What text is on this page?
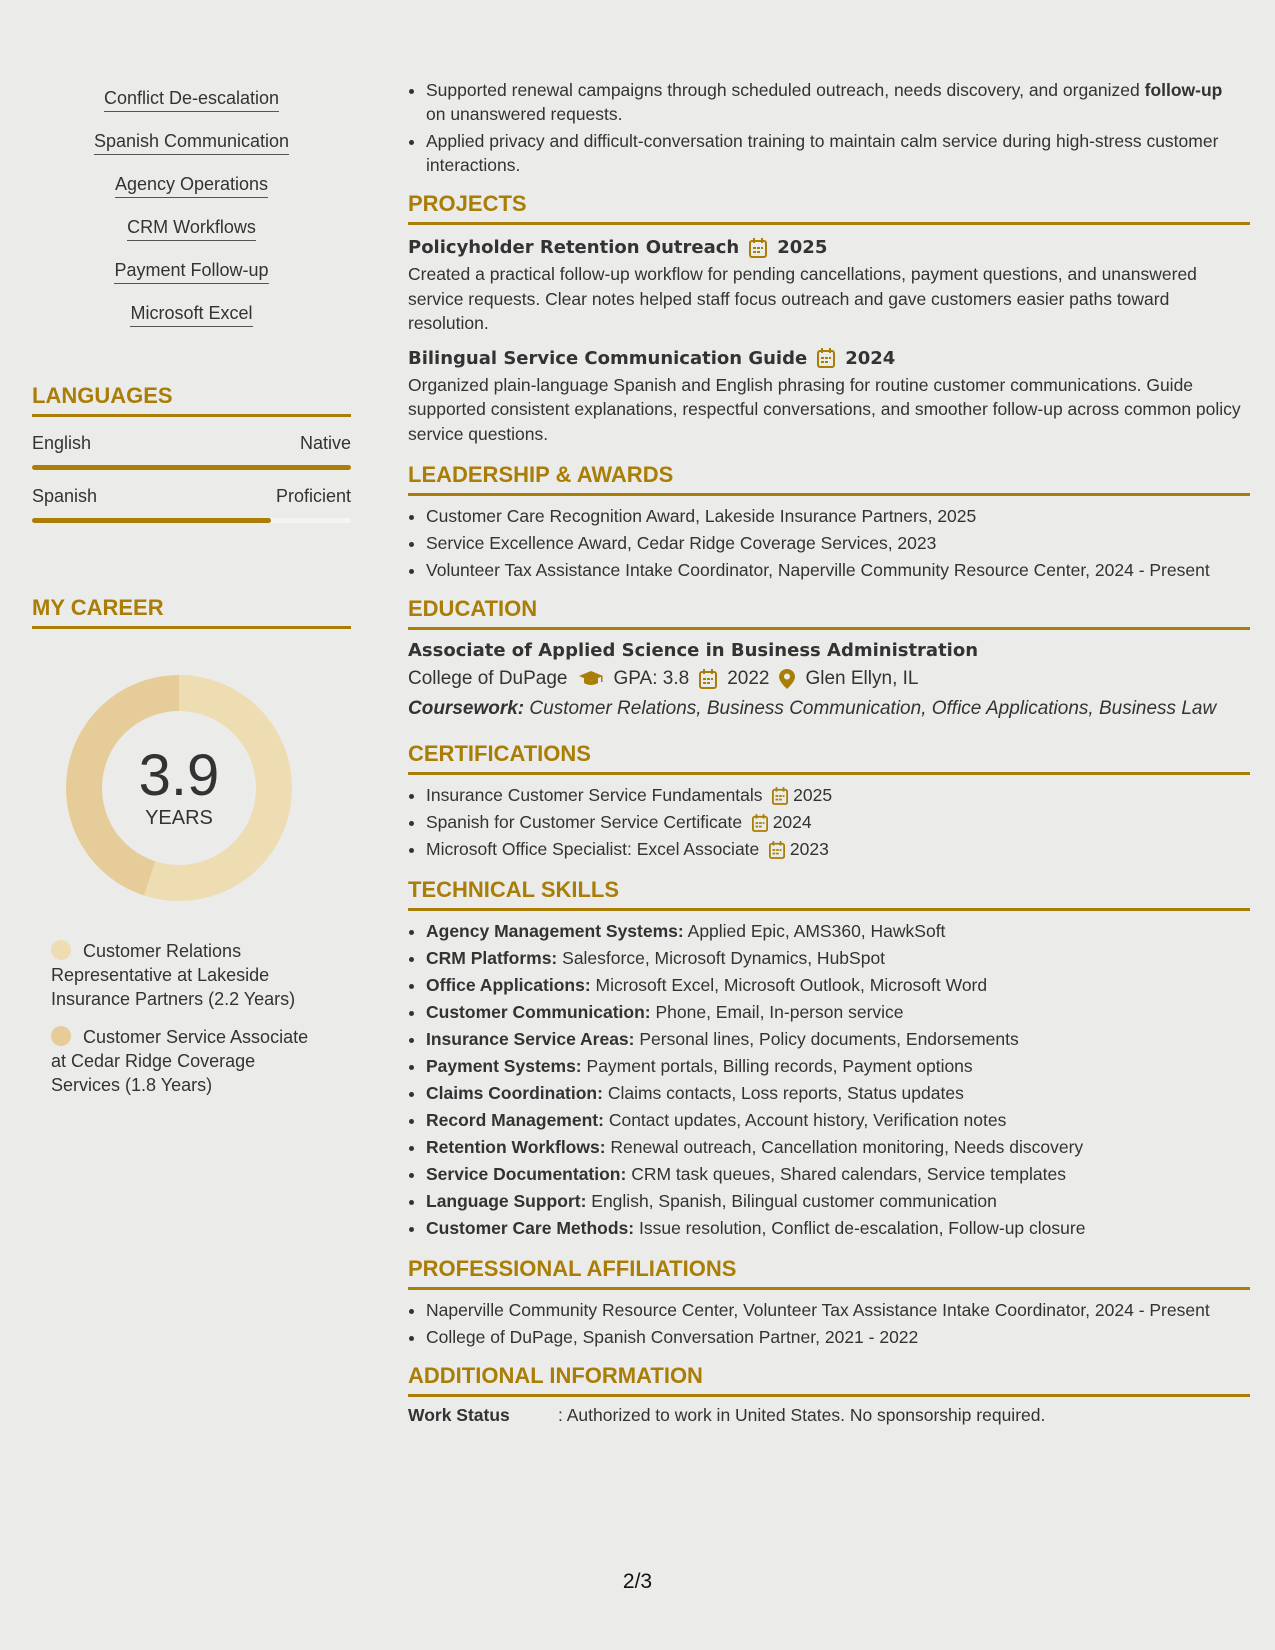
Conflict De-escalation
Spanish Communication
Agency Operations
CRM Workflows
Payment Follow-up
Microsoft Excel
LANGUAGES
English	Native
Spanish	Proficient
MY CAREER
3.9
YEARS
Customer Relations Representative at Lakeside Insurance Partners (2.2 Years)
Customer Service Associate at Cedar Ridge Coverage Services (1.8 Years)
• Supported renewal campaigns through scheduled outreach, needs discovery, and organized follow-up on unanswered requests.
• Applied privacy and difficult-conversation training to maintain calm service during high-stress customer interactions.
PROJECTS
Policyholder Retention Outreach 2025
Created a practical follow-up workflow for pending cancellations, payment questions, and unanswered service requests. Clear notes helped staff focus outreach and gave customers easier paths toward resolution.
Bilingual Service Communication Guide 2024
Organized plain-language Spanish and English phrasing for routine customer communications. Guide supported consistent explanations, respectful conversations, and smoother follow-up across common policy service questions.
LEADERSHIP & AWARDS
• Customer Care Recognition Award, Lakeside Insurance Partners, 2025
• Service Excellence Award, Cedar Ridge Coverage Services, 2023
• Volunteer Tax Assistance Intake Coordinator, Naperville Community Resource Center, 2024 - Present
EDUCATION
Associate of Applied Science in Business Administration
College of DuPage GPA: 3.8 2022 Glen Ellyn, IL
Coursework: Customer Relations, Business Communication, Office Applications, Business Law
CERTIFICATIONS
• Insurance Customer Service Fundamentals 2025
• Spanish for Customer Service Certificate 2024
• Microsoft Office Specialist: Excel Associate 2023
TECHNICAL SKILLS
• Agency Management Systems: Applied Epic, AMS360, HawkSoft
• CRM Platforms: Salesforce, Microsoft Dynamics, HubSpot
• Office Applications: Microsoft Excel, Microsoft Outlook, Microsoft Word
• Customer Communication: Phone, Email, In-person service
• Insurance Service Areas: Personal lines, Policy documents, Endorsements
• Payment Systems: Payment portals, Billing records, Payment options
• Claims Coordination: Claims contacts, Loss reports, Status updates
• Record Management: Contact updates, Account history, Verification notes
• Retention Workflows: Renewal outreach, Cancellation monitoring, Needs discovery
• Service Documentation: CRM task queues, Shared calendars, Service templates
• Language Support: English, Spanish, Bilingual customer communication
• Customer Care Methods: Issue resolution, Conflict de-escalation, Follow-up closure
PROFESSIONAL AFFILIATIONS
• Naperville Community Resource Center, Volunteer Tax Assistance Intake Coordinator, 2024 - Present
• College of DuPage, Spanish Conversation Partner, 2021 - 2022
ADDITIONAL INFORMATION
Work Status	: Authorized to work in United States. No sponsorship required.
2/3
